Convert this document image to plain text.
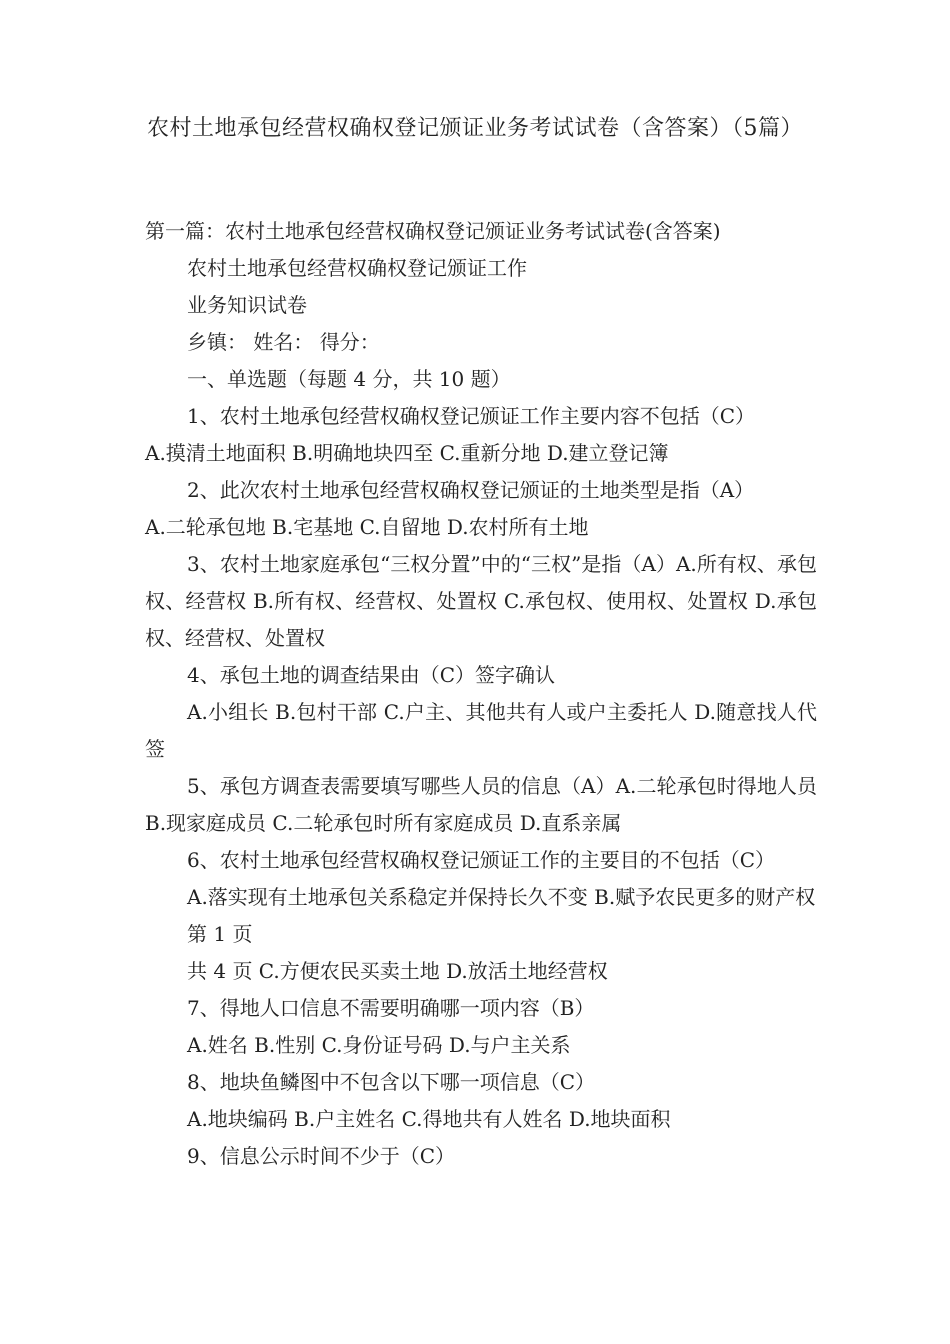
农村土地承包经营权确权登记颁证业务考试试卷（含答案）（5篇）

第一篇：农村土地承包经营权确权登记颁证业务考试试卷(含答案)

农村土地承包经营权确权登记颁证工作

业务知识试卷

乡镇： 姓名： 得分：

一、单选题（每题 4 分，共 10 题）

1、农村土地承包经营权确权登记颁证工作主要内容不包括（C）

A.摸清土地面积 B.明确地块四至 C.重新分地 D.建立登记簿

2、此次农村土地承包经营权确权登记颁证的土地类型是指（A）

A.二轮承包地 B.宅基地 C.自留地 D.农村所有土地

3、农村土地家庭承包“三权分置”中的“三权”是指（A）A.所有权、承包权、经营权 B.所有权、经营权、处置权 C.承包权、使用权、处置权 D.承包权、经营权、处置权

4、承包土地的调查结果由（C）签字确认

A.小组长 B.包村干部 C.户主、其他共有人或户主委托人 D.随意找人代签

5、承包方调查表需要填写哪些人员的信息（A）A.二轮承包时得地人员 B.现家庭成员 C.二轮承包时所有家庭成员 D.直系亲属

6、农村土地承包经营权确权登记颁证工作的主要目的不包括（C）

A.落实现有土地承包关系稳定并保持长久不变 B.赋予农民更多的财产权

第 1 页

共 4 页 C.方便农民买卖土地 D.放活土地经营权

7、得地人口信息不需要明确哪一项内容（B）

A.姓名 B.性别 C.身份证号码 D.与户主关系

8、地块鱼鳞图中不包含以下哪一项信息（C）

A.地块编码 B.户主姓名 C.得地共有人姓名 D.地块面积

9、信息公示时间不少于（C）
